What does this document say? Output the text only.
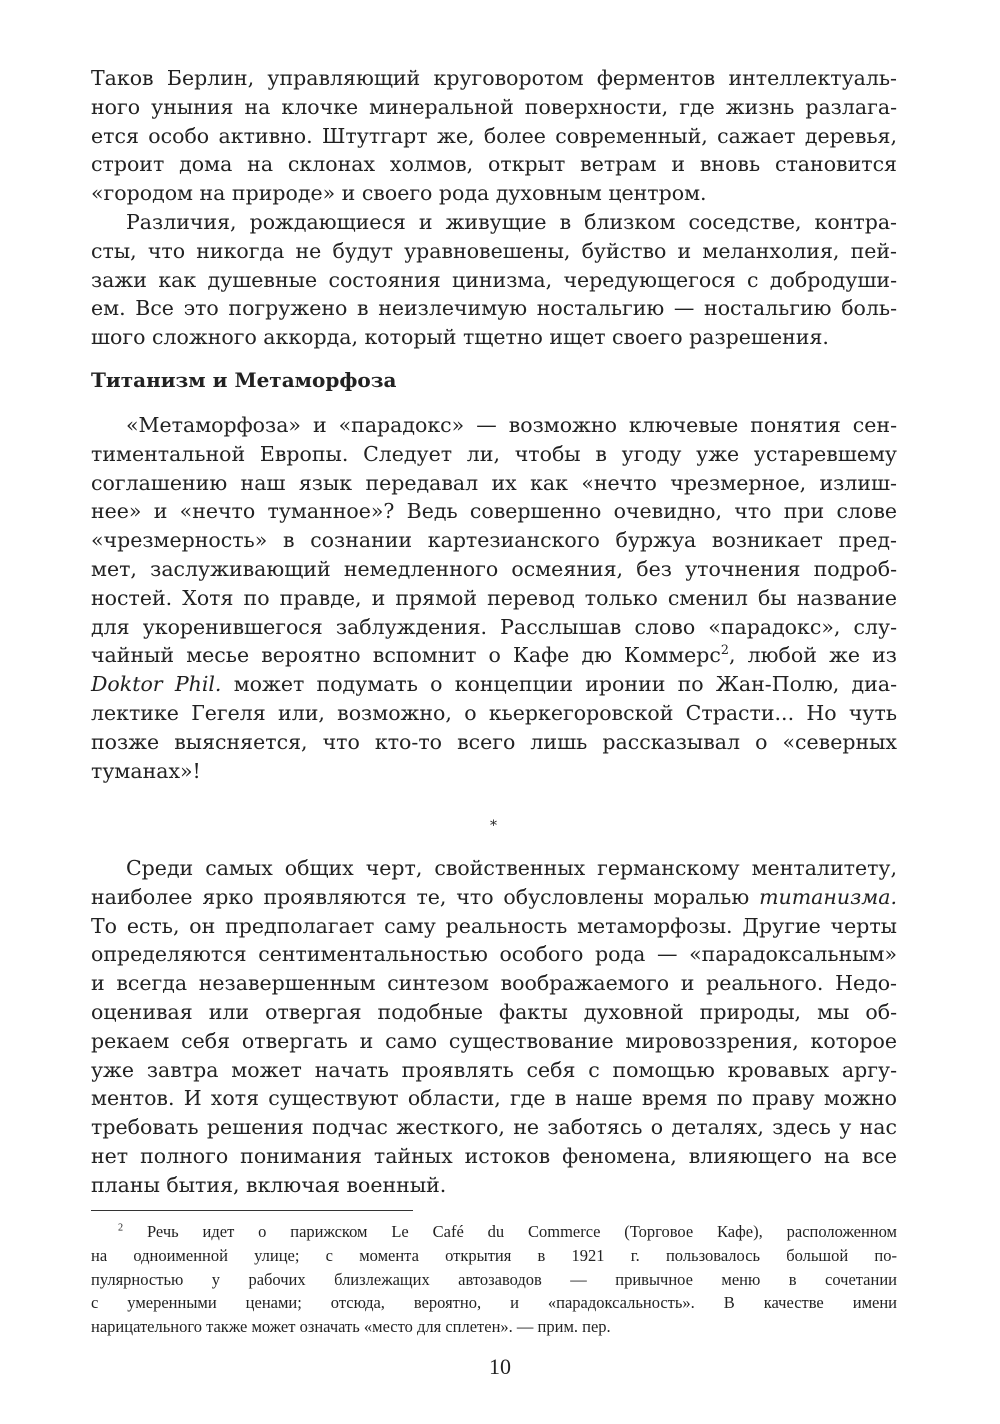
Таков Берлин, управляющий круговоротом ферментов интеллектуаль-
ного уныния на клочке минеральной поверхности, где жизнь разлага-
ется особо активно. Штутгарт же, более современный, сажает деревья,
строит дома на склонах холмов, открыт ветрам и вновь становится
«городом на природе» и своего рода духовным центром.
Различия, рождающиеся и живущие в близком соседстве, контра-
сты, что никогда не будут уравновешены, буйство и меланхолия, пей-
зажи как душевные состояния цинизма, чередующегося с добродуши-
ем. Все это погружено в неизлечимую ностальгию — ностальгию боль-
шого сложного аккорда, который тщетно ищет своего разрешения.
Титанизм и Метаморфоза
«Метаморфоза» и «парадокс» — возможно ключевые понятия сен-
тиментальной Европы. Следует ли, чтобы в угоду уже устаревшему
соглашению наш язык передавал их как «нечто чрезмерное, излиш-
нее» и «нечто туманное»? Ведь совершенно очевидно, что при слове
«чрезмерность» в сознании картезианского буржуа возникает пред-
мет, заслуживающий немедленного осмеяния, без уточнения подроб-
ностей. Хотя по правде, и прямой перевод только сменил бы название
для укоренившегося заблуждения. Расслышав слово «парадокс», слу-
чайный месье вероятно вспомнит о Кафе дю Коммерс$^2$, любой же из
Doktor Phil. может подумать о концепции иронии по Жан-Полю, диа-
лектике Гегеля или, возможно, о кьеркегоровской Страсти... Но чуть
позже выясняется, что кто-то всего лишь рассказывал о «северных
туманах»!
*
Среди самых общих черт, свойственных германскому менталитету,
наиболее ярко проявляются те, что обусловлены моралью титанизма.
То есть, он предполагает саму реальность метаморфозы. Другие черты
определяются сентиментальностью особого рода — «парадоксальным»
и всегда незавершенным синтезом воображаемого и реального. Недо-
оценивая или отвергая подобные факты духовной природы, мы об-
рекаем себя отвергать и само существование мировоззрения, которое
уже завтра может начать проявлять себя с помощью кровавых аргу-
ментов. И хотя существуют области, где в наше время по праву можно
требовать решения подчас жесткого, не заботясь о деталях, здесь у нас
нет полного понимания тайных истоков феномена, влияющего на все
планы бытия, включая военный.
$^2$ Речь идет о парижском Le Café du Commerce (Торговое Кафе), расположенном
на одноименной улице; с момента открытия в 1921 г. пользовалось большой по-
пулярностью у рабочих близлежащих автозаводов — привычное меню в сочетании
с умеренными ценами; отсюда, вероятно, и «парадоксальность». В качестве имени
нарицательного также может означать «место для сплетен». — прим. пер.
10
